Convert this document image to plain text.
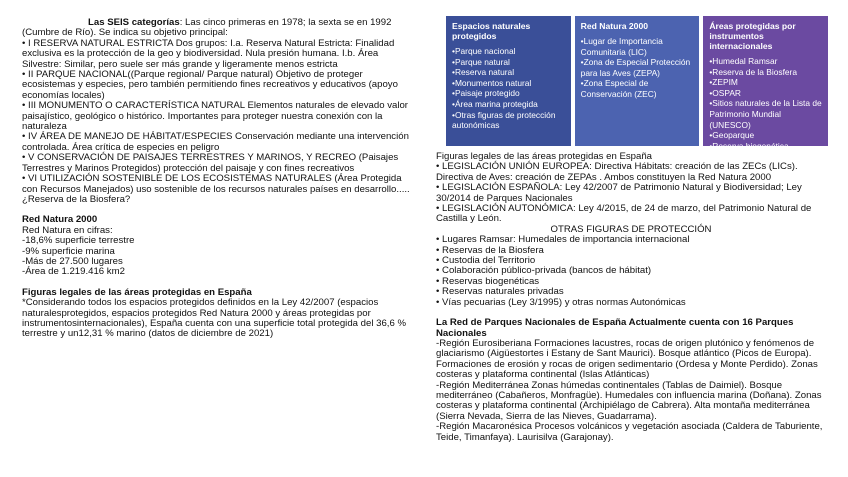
Las SEIS categorías: Las cinco primeras en 1978; la sexta se en 1992 (Cumbre de Río). Se indica su objetivo principal:

• I RESERVA NATURAL ESTRICTA Dos grupos: I.a. Reserva Natural Estricta: Finalidad exclusiva es la protección de la geo y biodiversidad. Nula presión humana. I.b. Área Silvestre: Similar, pero suele ser más grande y ligeramente menos estricta

• II PARQUE NACIONAL((Parque regional/ Parque natural) Objetivo de proteger ecosistemas y especies, pero también permitiendo fines recreativos y educativos (apoyo economías locales)

• III MONUMENTO O CARACTERÍSTICA NATURAL Elementos naturales de elevado valor paisajístico, geológico o histórico. Importantes para proteger nuestra conexión con la naturaleza

• IV ÁREA DE MANEJO DE HÁBITAT/ESPECIES Conservación mediante una intervención controlada. Área crítica de especies en peligro

• V CONSERVACIÓN DE PAISAJES TERRESTRES Y MARINOS, Y RECREO (Paisajes Terrestres y Marinos Protegidos) protección del paisaje y con fines recreativos

• VI UTILIZACIÓN SOSTENIBLE DE LOS ECOSISTEMAS NATURALES (Área Protegida con Recursos Manejados) uso sostenible de los recursos naturales países en desarrollo..... ¿Reserva de la Biosfera?

Red Natura 2000

Red Natura en cifras:

-18,6% superficie terrestre

-9% superficie marina

-Más de 27.500 lugares

-Área de 1.219.416 km2

Figuras legales de las áreas protegidas en España

*Considerando todos los espacios protegidos definidos en la Ley 42/2007 (espacios naturalesprotegidos, espacios protegidos Red Natura 2000 y áreas protegidas por instrumentosinternacionales), España cuenta con una superficie total protegida del 36,6 % terrestre y un12,31 % marino (datos de diciembre de 2021)

Espacios naturales protegidos
• Parque nacional
• Parque natural
• Reserva natural
• Monumentos natural
• Paisaje protegido
• Área marina protegida
• Otras figuras de protección autonómicas
Red Natura 2000
• Lugar de Importancia Comunitaria (LIC)
• Zona de Especial Protección para las Aves (ZEPA)
• Zona Especial de Conservación (ZEC)
Áreas protegidas por instrumentos internacionales
• Humedal Ramsar
• Reserva de la Biosfera
• ZEPIM
• OSPAR
• Sitios naturales de la Lista de Patrimonio Mundial (UNESCO)
• Geoparque
• Reserva biogenética

Figuras legales de las áreas protegidas en España

• LEGISLACIÓN UNIÓN EUROPEA: Directiva Hábitats: creación de las ZECs (LICs). Directiva de Aves: creación de ZEPAs . Ambos constituyen la Red Natura 2000

• LEGISLACIÓN ESPAÑOLA: Ley 42/2007 de Patrimonio Natural y Biodiversidad; Ley 30/2014 de Parques Nacionales

• LEGISLACIÓN AUTONÓMICA: Ley 4/2015, de 24 de marzo, del Patrimonio Natural de Castilla y León.

OTRAS FIGURAS DE PROTECCIÓN

• Lugares Ramsar: Humedales de importancia internacional
• Reservas de la Biosfera
• Custodia del Territorio
• Colaboración público-privada (bancos de hábitat)
• Reservas biogenéticas
• Reservas naturales privadas
• Vías pecuarias (Ley 3/1995) y otras normas Autonómicas

La Red de Parques Nacionales de España Actualmente cuenta con 16 Parques Nacionales

-Región Eurosiberiana Formaciones lacustres, rocas de origen plutónico y fenómenos de glaciarismo (Aigüestortes i Estany de Sant Maurici). Bosque atlántico (Picos de Europa). Formaciones de erosión y rocas de origen sedimentario (Ordesa y Monte Perdido). Zonas costeras y plataforma continental (Islas Atlánticas)

-Región Mediterránea Zonas húmedas continentales (Tablas de Daimiel). Bosque mediterráneo (Cabañeros, Monfragüe). Humedales con influencia marina (Doñana). Zonas costeras y plataforma continental (Archipiélago de Cabrera). Alta montaña mediterránea (Sierra Nevada, Sierra de las Nieves, Guadarrama).

-Región Macaronésica Procesos volcánicos y vegetación asociada (Caldera de Taburiente, Teide, Timanfaya). Laurisilva (Garajonay).
